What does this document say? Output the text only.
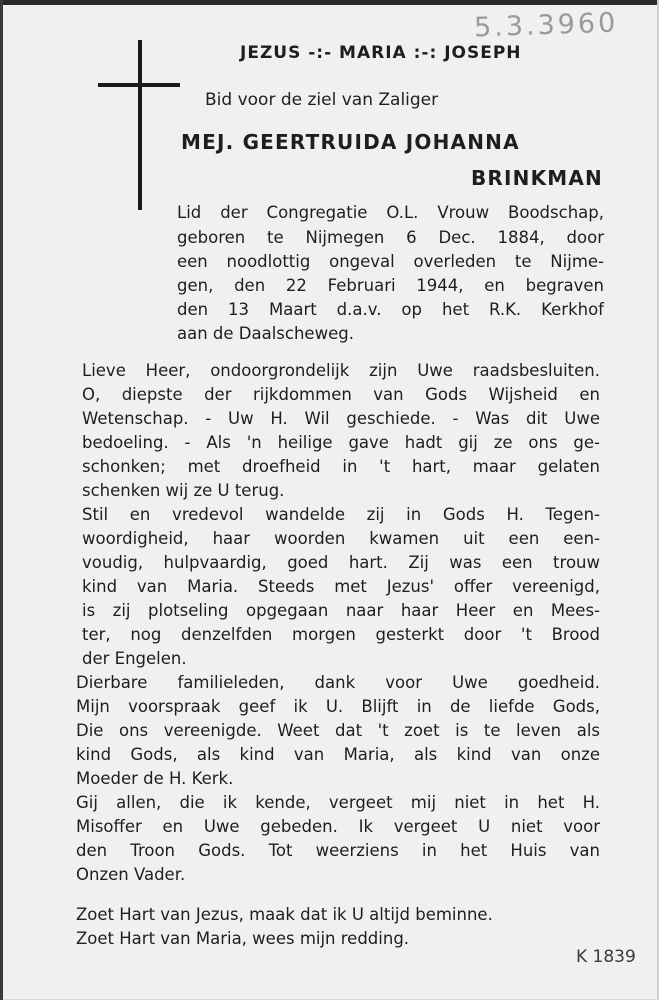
5.3.3960
JEZUS -:- MARIA :-: JOSEPH
Bid voor de ziel van Zaliger
MEJ. GEERTRUIDA JOHANNA
BRINKMAN
Lid der Congregatie O.L. Vrouw Boodschap,
geboren te Nijmegen 6 Dec. 1884, door
een noodlottig ongeval overleden te Nijme-
gen, den 22 Februari 1944, en begraven
den 13 Maart d.a.v. op het R.K. Kerkhof
aan de Daalscheweg.
Lieve Heer, ondoorgrondelijk zijn Uwe raadsbesluiten.
O, diepste der rijkdommen van Gods Wijsheid en
Wetenschap. - Uw H. Wil geschiede. - Was dit Uwe
bedoeling. - Als 'n heilige gave hadt gij ze ons ge-
schonken; met droefheid in 't hart, maar gelaten
schenken wij ze U terug.
Stil en vredevol wandelde zij in Gods H. Tegen-
woordigheid, haar woorden kwamen uit een een-
voudig, hulpvaardig, goed hart. Zij was een trouw
kind van Maria. Steeds met Jezus' offer vereenigd,
is zij plotseling opgegaan naar haar Heer en Mees-
ter, nog denzelfden morgen gesterkt door 't Brood
der Engelen.
Dierbare familieleden, dank voor Uwe goedheid.
Mijn voorspraak geef ik U. Blijft in de liefde Gods,
Die ons vereenigde. Weet dat 't zoet is te leven als
kind Gods, als kind van Maria, als kind van onze
Moeder de H. Kerk.
Gij allen, die ik kende, vergeet mij niet in het H.
Misoffer en Uwe gebeden. Ik vergeet U niet voor
den Troon Gods. Tot weerziens in het Huis van
Onzen Vader.
Zoet Hart van Jezus, maak dat ik U altijd beminne.
Zoet Hart van Maria, wees mijn redding.
K 1839
